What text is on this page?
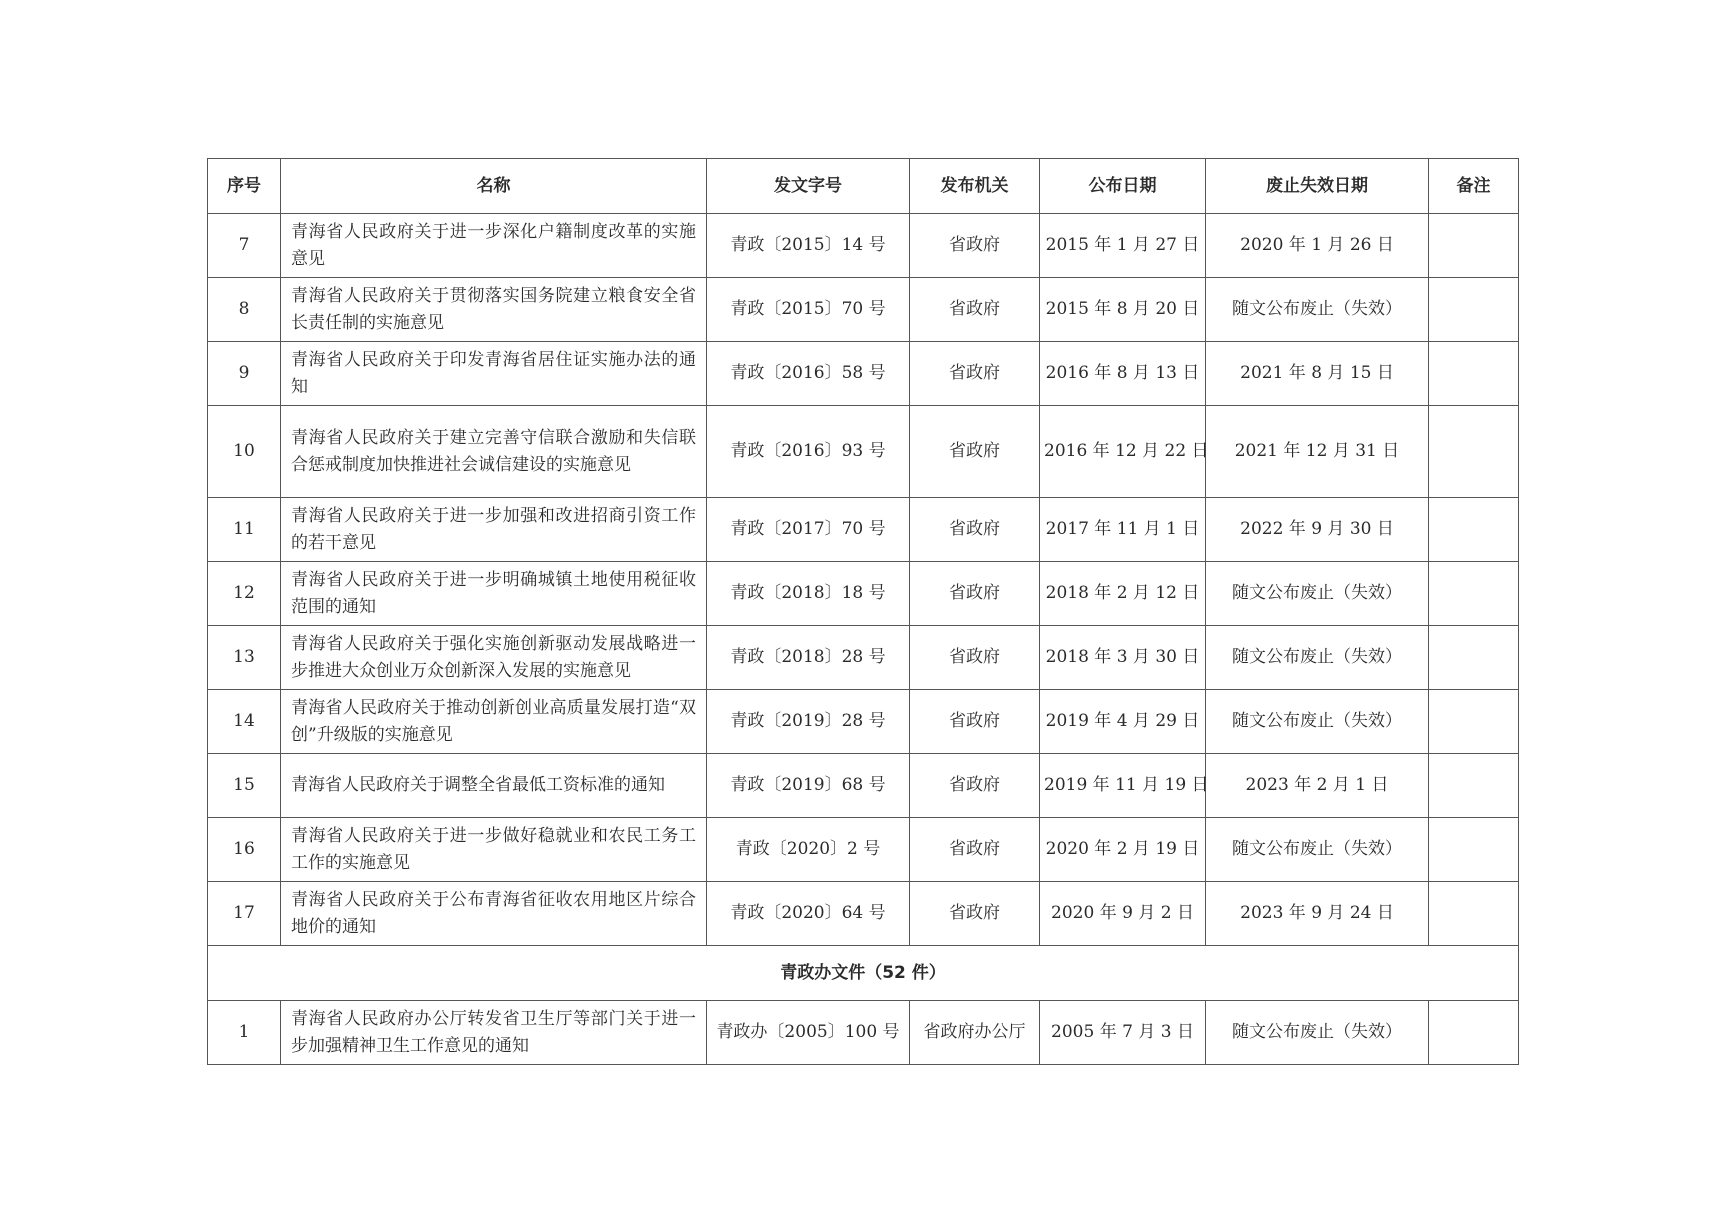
序号	名称	发文字号	发布机关	公布日期	废止失效日期	备注
7	青海省人民政府关于进一步深化户籍制度改革的实施意见	青政〔2015〕14 号	省政府	2015 年 1 月 27 日	2020 年 1 月 26 日	
8	青海省人民政府关于贯彻落实国务院建立粮食安全省长责任制的实施意见	青政〔2015〕70 号	省政府	2015 年 8 月 20 日	随文公布废止（失效）	
9	青海省人民政府关于印发青海省居住证实施办法的通知	青政〔2016〕58 号	省政府	2016 年 8 月 13 日	2021 年 8 月 15 日	
10	青海省人民政府关于建立完善守信联合激励和失信联合惩戒制度加快推进社会诚信建设的实施意见	青政〔2016〕93 号	省政府	2016 年 12 月 22 日	2021 年 12 月 31 日	
11	青海省人民政府关于进一步加强和改进招商引资工作的若干意见	青政〔2017〕70 号	省政府	2017 年 11 月 1 日	2022 年 9 月 30 日	
12	青海省人民政府关于进一步明确城镇土地使用税征收范围的通知	青政〔2018〕18 号	省政府	2018 年 2 月 12 日	随文公布废止（失效）	
13	青海省人民政府关于强化实施创新驱动发展战略进一步推进大众创业万众创新深入发展的实施意见	青政〔2018〕28 号	省政府	2018 年 3 月 30 日	随文公布废止（失效）	
14	青海省人民政府关于推动创新创业高质量发展打造“双创”升级版的实施意见	青政〔2019〕28 号	省政府	2019 年 4 月 29 日	随文公布废止（失效）	
15	青海省人民政府关于调整全省最低工资标准的通知	青政〔2019〕68 号	省政府	2019 年 11 月 19 日	2023 年 2 月 1 日	
16	青海省人民政府关于进一步做好稳就业和农民工务工工作的实施意见	青政〔2020〕2 号	省政府	2020 年 2 月 19 日	随文公布废止（失效）	
17	青海省人民政府关于公布青海省征收农用地区片综合地价的通知	青政〔2020〕64 号	省政府	2020 年 9 月 2 日	2023 年 9 月 24 日	
青政办文件（52 件）						
1	青海省人民政府办公厅转发省卫生厅等部门关于进一步加强精神卫生工作意见的通知	青政办〔2005〕100 号	省政府办公厅	2005 年 7 月 3 日	随文公布废止（失效）	
